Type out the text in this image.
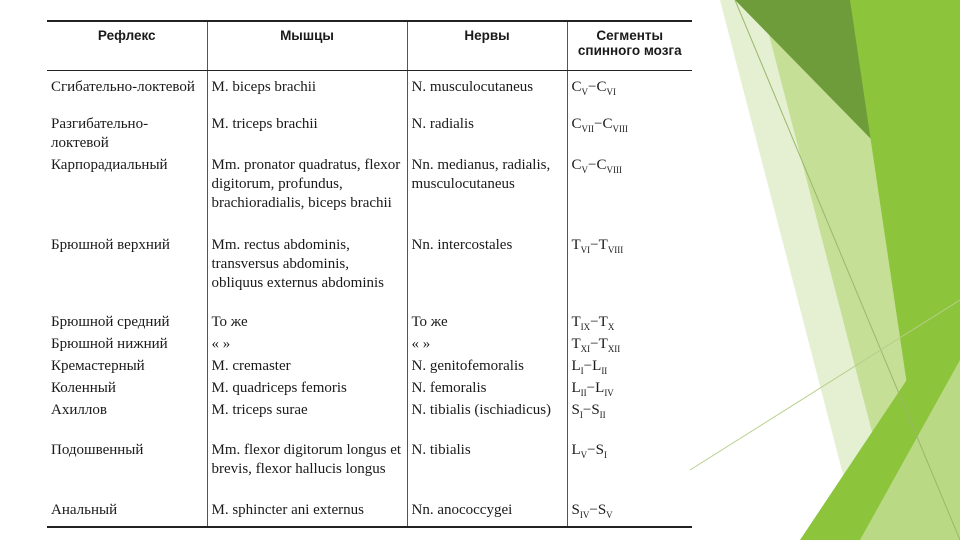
Рефлекс	Мышцы	Нервы	Сегменты спинного мозга
Сгибательно-локтевой	M. biceps brachii	N. musculocutaneus	$C_V-C_{VI}$
Разгибательно-локтевой	M. triceps brachii	N. radialis	$C_{VII}-C_{VIII}$
Карпорадиальный	Mm. pronator quadratus, flexor digitorum, profundus, brachioradialis, biceps brachii	Nn. medianus, radialis, musculocutaneus	$C_V-C_{VIII}$
Брюшной верхний	Mm. rectus abdominis, transversus abdominis, obliquus externus abdominis	Nn. intercostales	$T_{VI}-T_{VIII}$
Брюшной средний	То же	То же	$T_{IX}-T_X$
Брюшной нижний	« »	« »	$T_{XI}-T_{XII}$
Кремастерный	M. cremaster	N. genitofemoralis	$L_I-L_{II}$
Коленный	M. quadriceps femoris	N. femoralis	$L_{II}-L_{IV}$
Ахиллов	M. triceps surae	N. tibialis (ischiadicus)	$S_I-S_{II}$
Подошвенный	Mm. flexor digitorum longus et brevis, flexor hallucis longus	N. tibialis	$L_V-S_I$
Анальный	M. sphincter ani externus	Nn. anococcygei	$S_{IV}-S_V$
